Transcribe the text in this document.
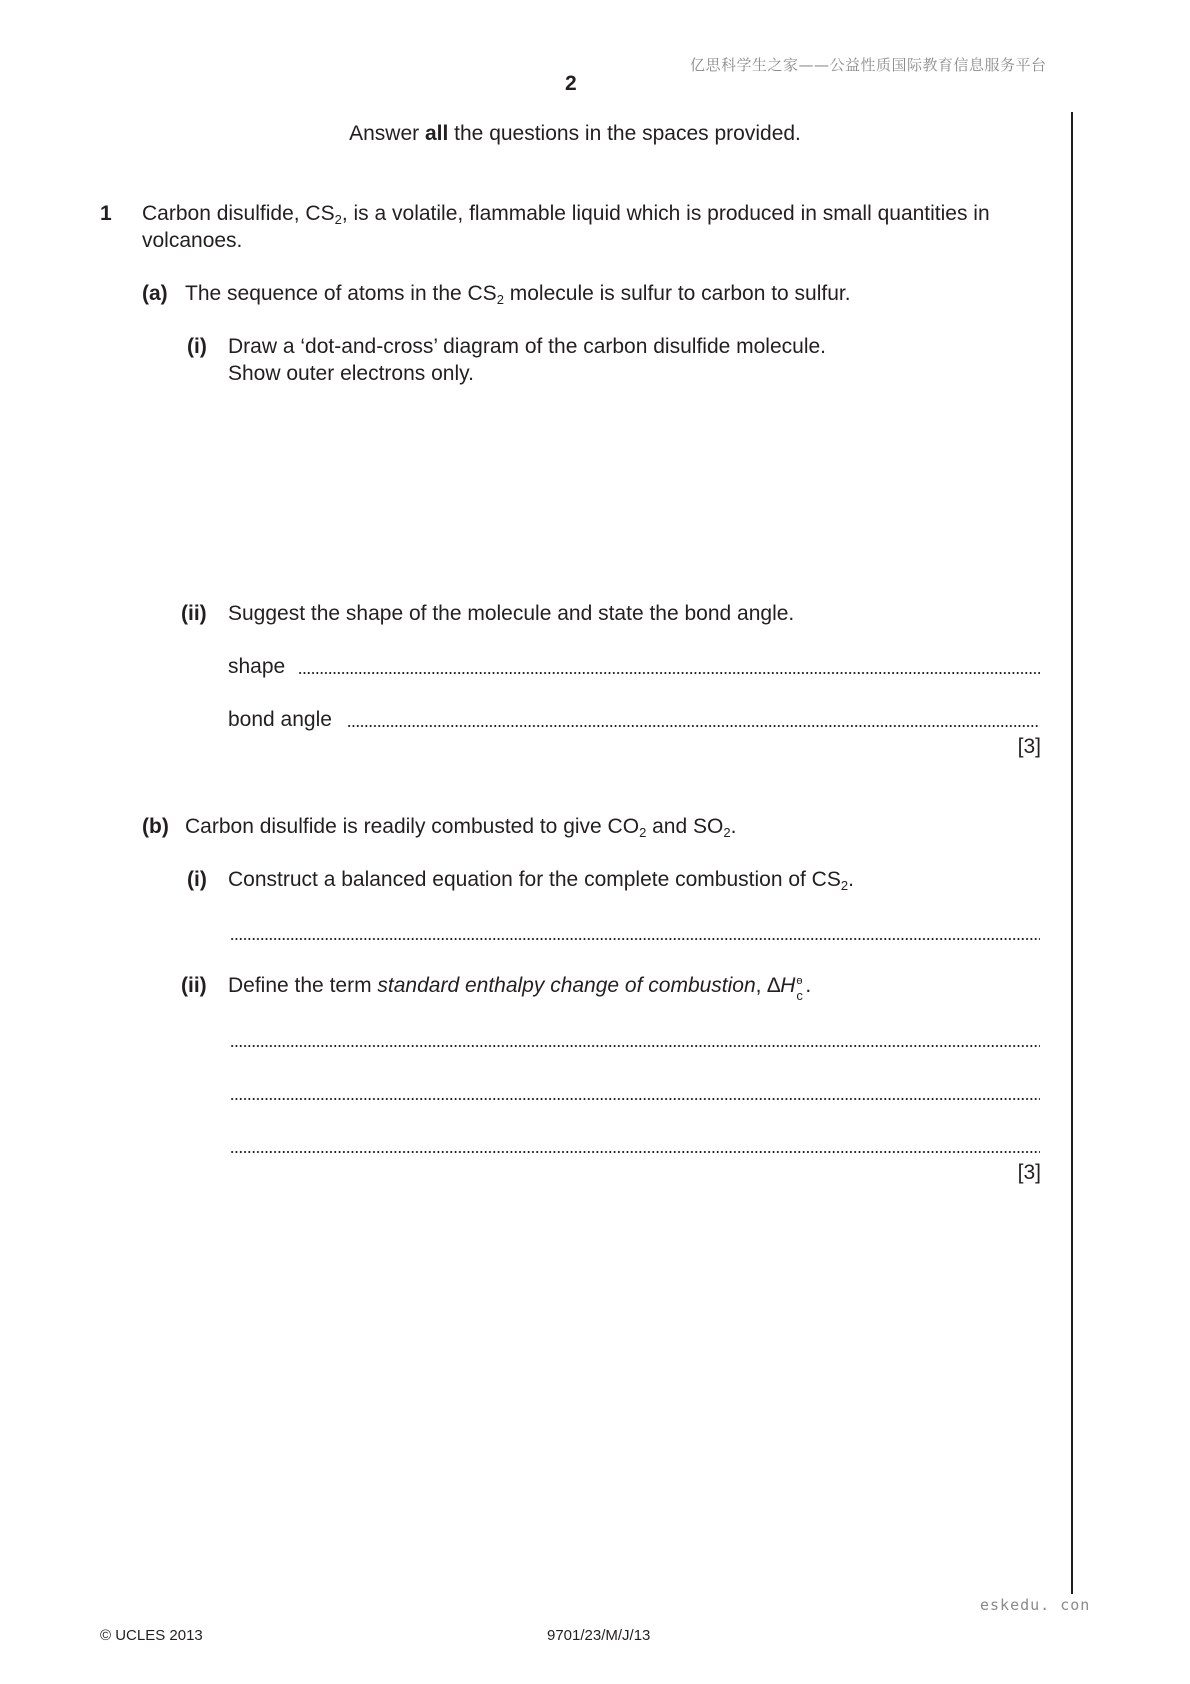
亿思科学生之家——公益性质国际教育信息服务平台
2
Answer all the questions in the spaces provided.
1 Carbon disulfide, $CS_2$, is a volatile, flammable liquid which is produced in small quantities in
volcanoes.
(a) The sequence of atoms in the $CS_2$ molecule is sulfur to carbon to sulfur.
(i) Draw a ‘dot-and-cross’ diagram of the carbon disulfide molecule.
Show outer electrons only.
(ii) Suggest the shape of the molecule and state the bond angle.
shape
bond angle
[3]
(b) Carbon disulfide is readily combusted to give $CO_2$ and $SO_2$.
(i) Construct a balanced equation for the complete combustion of $CS_2$.
(ii) Define the term standard enthalpy change of combustion, ∆H ө
c .
[3]
eskedu. con
© UCLES 2013	9701/23/M/J/13
